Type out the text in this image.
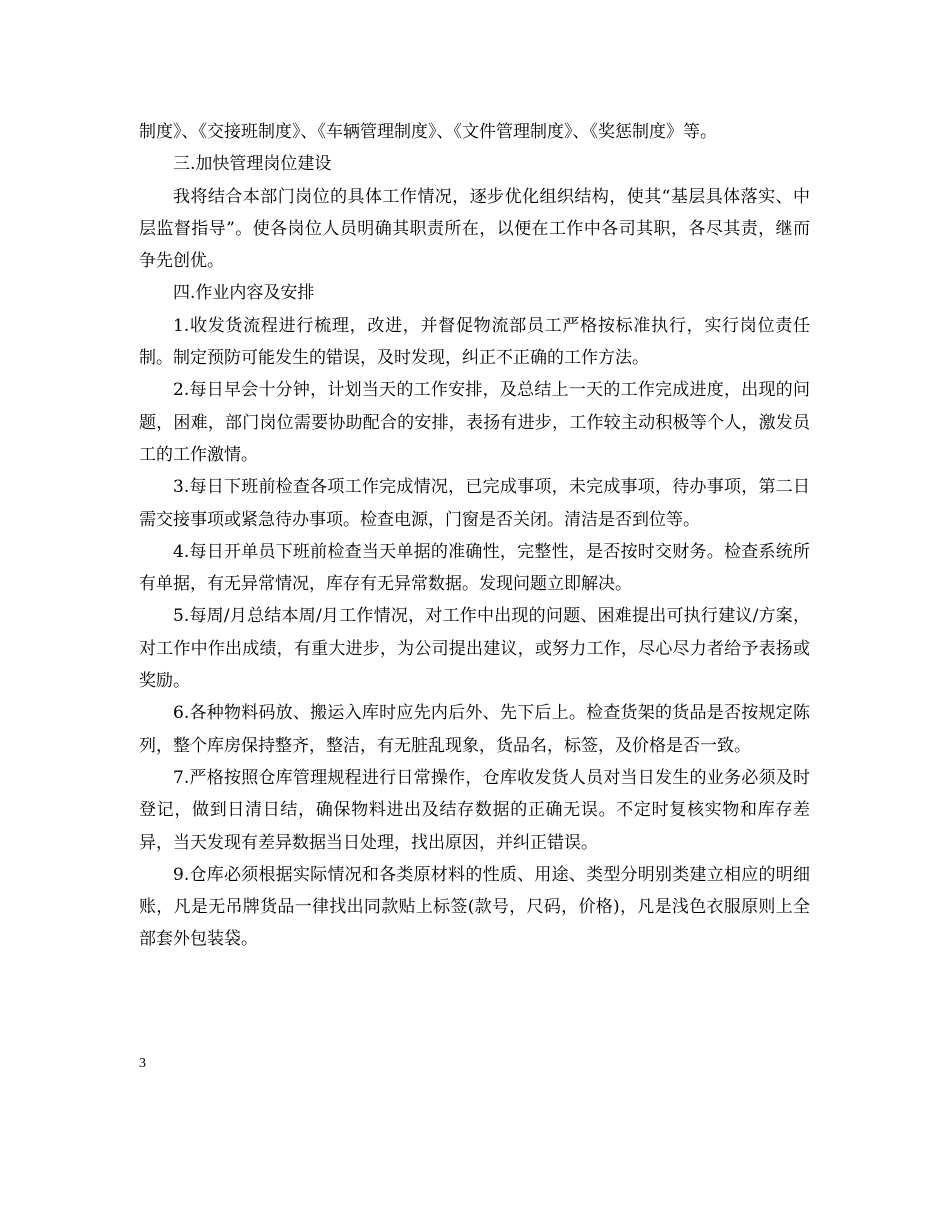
制度》、《交接班制度》、《车辆管理制度》、《文件管理制度》、《奖惩制度》等。

三.加快管理岗位建设

我将结合本部门岗位的具体工作情况，逐步优化组织结构，使其“基层具体落实、中层监督指导”。使各岗位人员明确其职责所在，以便在工作中各司其职，各尽其责，继而争先创优。

四.作业内容及安排

1.收发货流程进行梳理，改进，并督促物流部员工严格按标准执行，实行岗位责任制。制定预防可能发生的错误，及时发现，纠正不正确的工作方法。

2.每日早会十分钟，计划当天的工作安排，及总结上一天的工作完成进度，出现的问题，困难，部门岗位需要协助配合的安排，表扬有进步，工作较主动积极等个人，激发员工的工作激情。

3.每日下班前检查各项工作完成情况，已完成事项，未完成事项，待办事项，第二日需交接事项或紧急待办事项。检查电源，门窗是否关闭。清洁是否到位等。

4.每日开单员下班前检查当天单据的准确性，完整性，是否按时交财务。检查系统所有单据，有无异常情况，库存有无异常数据。发现问题立即解决。

5.每周/月总结本周/月工作情况，对工作中出现的问题、困难提出可执行建议/方案，对工作中作出成绩，有重大进步，为公司提出建议，或努力工作，尽心尽力者给予表扬或奖励。

6.各种物料码放、搬运入库时应先内后外、先下后上。检查货架的货品是否按规定陈列，整个库房保持整齐，整洁，有无脏乱现象，货品名，标签，及价格是否一致。

7.严格按照仓库管理规程进行日常操作，仓库收发货人员对当日发生的业务必须及时登记，做到日清日结，确保物料进出及结存数据的正确无误。不定时复核实物和库存差异，当天发现有差异数据当日处理，找出原因，并纠正错误。

9.仓库必须根据实际情况和各类原材料的性质、用途、类型分明别类建立相应的明细账，凡是无吊牌货品一律找出同款贴上标签(款号，尺码，价格)，凡是浅色衣服原则上全部套外包装袋。

3
